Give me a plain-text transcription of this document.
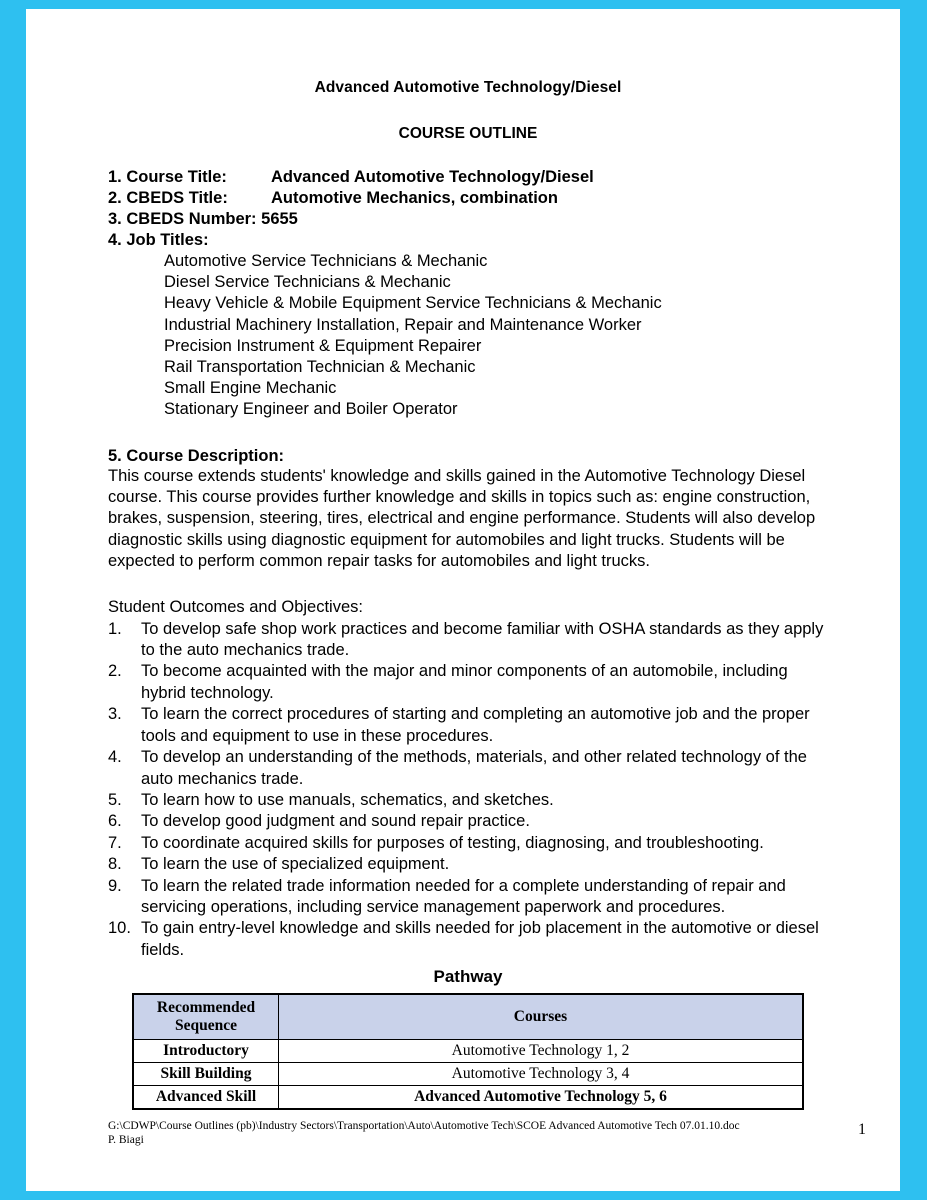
Advanced Automotive Technology/Diesel
COURSE OUTLINE
1. Course Title:	Advanced Automotive Technology/Diesel
2. CBEDS Title:	Automotive Mechanics, combination
3. CBEDS Number: 5655
4. Job Titles:
Automotive Service Technicians & Mechanic
Diesel Service Technicians & Mechanic
Heavy Vehicle & Mobile Equipment Service Technicians & Mechanic
Industrial Machinery Installation, Repair and Maintenance Worker
Precision Instrument & Equipment Repairer
Rail Transportation Technician & Mechanic
Small Engine Mechanic
Stationary Engineer and Boiler Operator
5. Course Description:

This course extends students' knowledge and skills gained in the Automotive Technology Diesel course. This course provides further knowledge and skills in topics such as: engine construction, brakes, suspension, steering, tires, electrical and engine performance. Students will also develop diagnostic skills using diagnostic equipment for automobiles and light trucks. Students will be expected to perform common repair tasks for automobiles and light trucks.

Student Outcomes and Objectives:
1.	To develop safe shop work practices and become familiar with OSHA standards as they apply to the auto mechanics trade.
2.	To become acquainted with the major and minor components of an automobile, including hybrid technology.
3.	To learn the correct procedures of starting and completing an automotive job and the proper tools and equipment to use in these procedures.
4.	To develop an understanding of the methods, materials, and other related technology of the auto mechanics trade.
5.	To learn how to use manuals, schematics, and sketches.
6.	To develop good judgment and sound repair practice.
7.	To coordinate acquired skills for purposes of testing, diagnosing, and troubleshooting.
8.	To learn the use of specialized equipment.
9.	To learn the related trade information needed for a complete understanding of repair and servicing operations, including service management paperwork and procedures.
10. To gain entry-level knowledge and skills needed for job placement in the automotive or diesel fields.
Pathway
Recommended
Sequence	Courses
Introductory	Automotive Technology 1, 2
Skill Building	Automotive Technology 3, 4
Advanced Skill	Advanced Automotive Technology 5, 6
G:\CDWP\Course Outlines (pb)\Industry Sectors\Transportation\Auto\Automotive Tech\SCOE Advanced Automotive Tech 07.01.10.doc
P. Biagi
1
